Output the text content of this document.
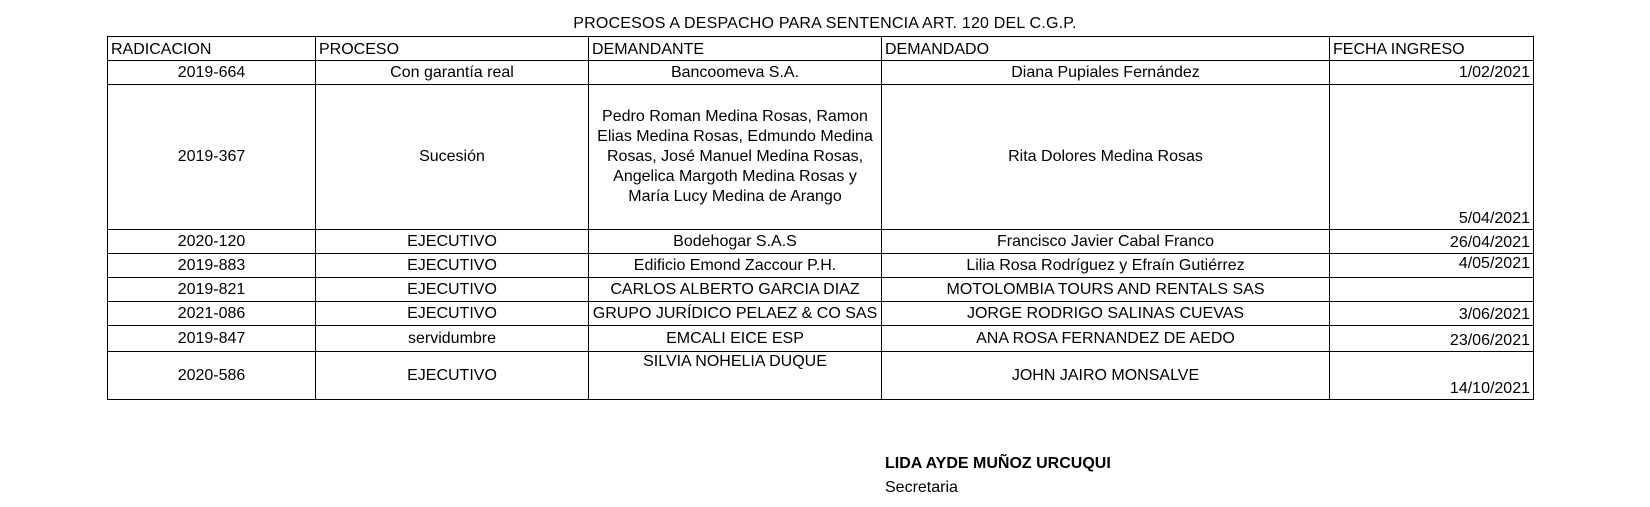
PROCESOS A DESPACHO PARA SENTENCIA ART. 120 DEL C.G.P.
RADICACION	PROCESO	DEMANDANTE	DEMANDADO	FECHA INGRESO
2019-664	Con garantía real	Bancoomeva S.A.	Diana Pupiales Fernández	1/02/2021
2019-367	Sucesión	Pedro Roman Medina Rosas, Ramon Elias Medina Rosas, Edmundo Medina Rosas, José Manuel Medina Rosas, Angelica Margoth Medina Rosas y María Lucy Medina de Arango	Rita Dolores Medina Rosas	5/04/2021
2020-120	EJECUTIVO	Bodehogar S.A.S	Francisco Javier Cabal Franco	26/04/2021
2019-883	EJECUTIVO	Edificio Emond Zaccour P.H.	Lilia Rosa Rodríguez y Efraín Gutiérrez	4/05/2021
2019-821	EJECUTIVO	CARLOS ALBERTO GARCIA DIAZ	MOTOLOMBIA TOURS AND RENTALS SAS	
2021-086	EJECUTIVO	GRUPO JURÍDICO PELAEZ & CO SAS	JORGE RODRIGO SALINAS CUEVAS	3/06/2021
2019-847	servidumbre	EMCALI EICE ESP	ANA ROSA FERNANDEZ DE AEDO	23/06/2021
2020-586	EJECUTIVO	SILVIA NOHELIA DUQUE	JOHN JAIRO MONSALVE	14/10/2021
LIDA AYDE MUÑOZ URCUQUI
Secretaria
